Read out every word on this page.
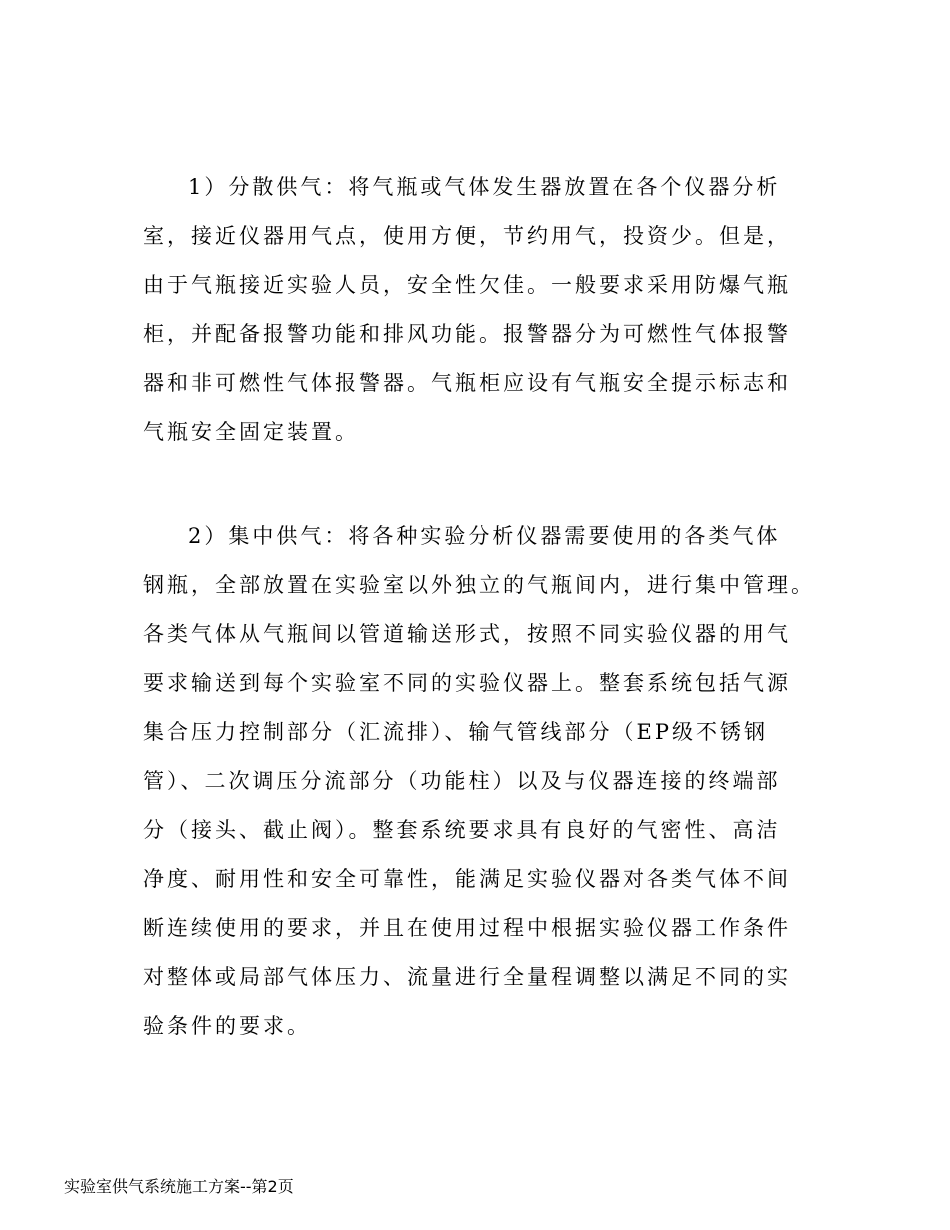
1）分散供气：将气瓶或气体发生器放置在各个仪器分析
室，接近仪器用气点，使用方便，节约用气，投资少。但是，
由于气瓶接近实验人员，安全性欠佳。一般要求采用防爆气瓶
柜，并配备报警功能和排风功能。报警器分为可燃性气体报警
器和非可燃性气体报警器。气瓶柜应设有气瓶安全提示标志和
气瓶安全固定装置。
2）集中供气：将各种实验分析仪器需要使用的各类气体
钢瓶，全部放置在实验室以外独立的气瓶间内，进行集中管理。
各类气体从气瓶间以管道输送形式，按照不同实验仪器的用气
要求输送到每个实验室不同的实验仪器上。整套系统包括气源
集合压力控制部分（汇流排）、输气管线部分（EP级不锈钢
管）、二次调压分流部分（功能柱）以及与仪器连接的终端部
分（接头、截止阀）。整套系统要求具有良好的气密性、高洁
净度、耐用性和安全可靠性，能满足实验仪器对各类气体不间
断连续使用的要求，并且在使用过程中根据实验仪器工作条件
对整体或局部气体压力、流量进行全量程调整以满足不同的实
验条件的要求。
实验室供气系统施工方案--第2页
